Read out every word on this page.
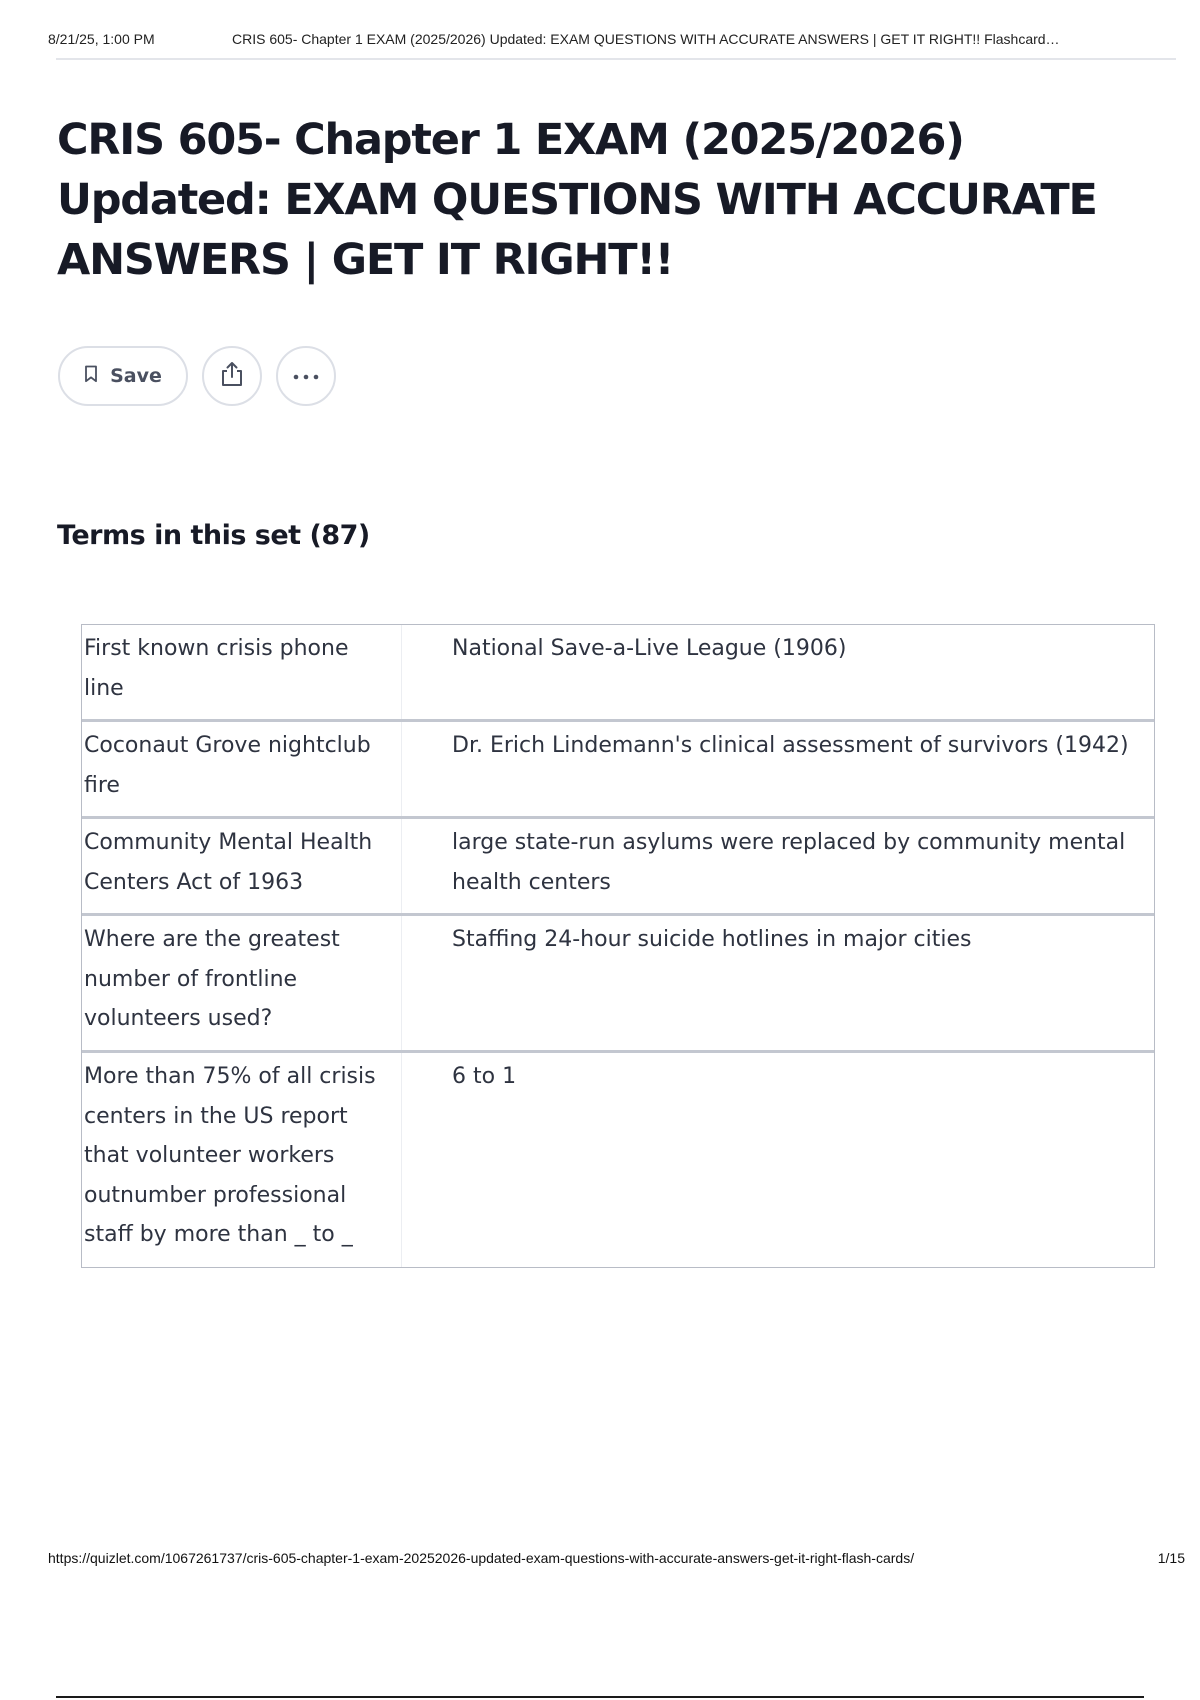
8/21/25, 1:00 PM	CRIS 605- Chapter 1 EXAM (2025/2026) Updated: EXAM QUESTIONS WITH ACCURATE ANSWERS | GET IT RIGHT!! Flashcard…
CRIS 605- Chapter 1 EXAM (2025/2026) Updated: EXAM QUESTIONS WITH ACCURATE ANSWERS | GET IT RIGHT!!
Save
Terms in this set (87)
First known crisis phone line
National Save-a-Live League (1906)
Coconaut Grove nightclub fire
Dr. Erich Lindemann's clinical assessment of survivors (1942)
Community Mental Health Centers Act of 1963
large state-run asylums were replaced by community mental health centers
Where are the greatest number of frontline volunteers used?
Staffing 24-hour suicide hotlines in major cities
More than 75% of all crisis centers in the US report that volunteer workers outnumber professional staff by more than _ to _
6 to 1
https://quizlet.com/1067261737/cris-605-chapter-1-exam-20252026-updated-exam-questions-with-accurate-answers-get-it-right-flash-cards/	1/15
